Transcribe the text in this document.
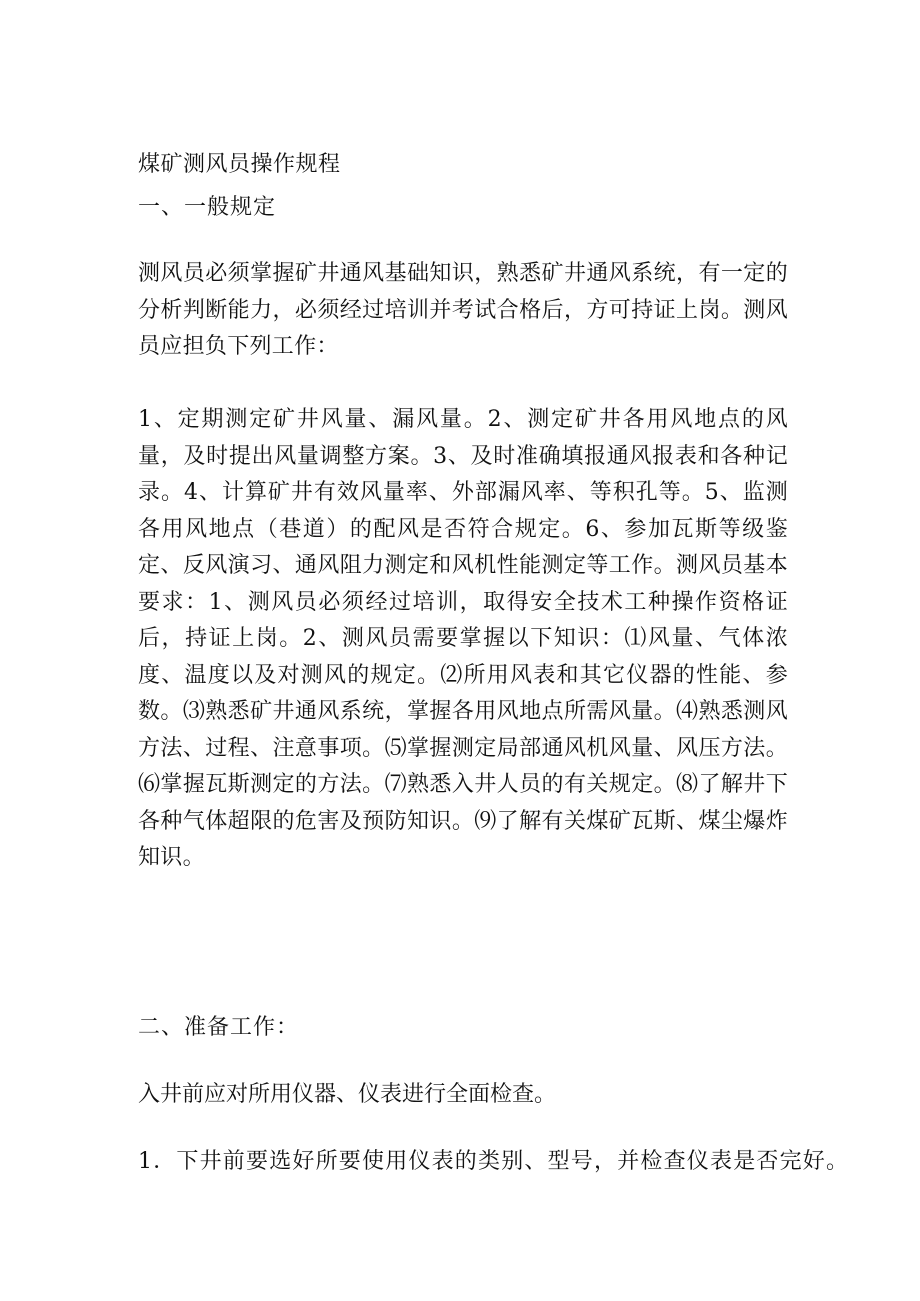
煤矿测风员操作规程
一、一般规定

测风员必须掌握矿井通风基础知识，熟悉矿井通风系统，有一定的分析判断能力，必须经过培训并考试合格后，方可持证上岗。测风员应担负下列工作：

1、定期测定矿井风量、漏风量。2、测定矿井各用风地点的风量，及时提出风量调整方案。3、及时准确填报通风报表和各种记录。4、计算矿井有效风量率、外部漏风率、等积孔等。5、监测各用风地点（巷道）的配风是否符合规定。6、参加瓦斯等级鉴定、反风演习、通风阻力测定和风机性能测定等工作。测风员基本要求：1、测风员必须经过培训，取得安全技术工种操作资格证后，持证上岗。2、测风员需要掌握以下知识：⑴风量、气体浓度、温度以及对测风的规定。⑵所用风表和其它仪器的性能、参数。⑶熟悉矿井通风系统，掌握各用风地点所需风量。⑷熟悉测风方法、过程、注意事项。⑸掌握测定局部通风机风量、风压方法。⑹掌握瓦斯测定的方法。⑺熟悉入井人员的有关规定。⑻了解井下各种气体超限的危害及预防知识。⑼了解有关煤矿瓦斯、煤尘爆炸知识。

二、准备工作：

入井前应对所用仪器、仪表进行全面检查。

1．下井前要选好所要使用仪表的类别、型号，并检查仪表是否完好。
